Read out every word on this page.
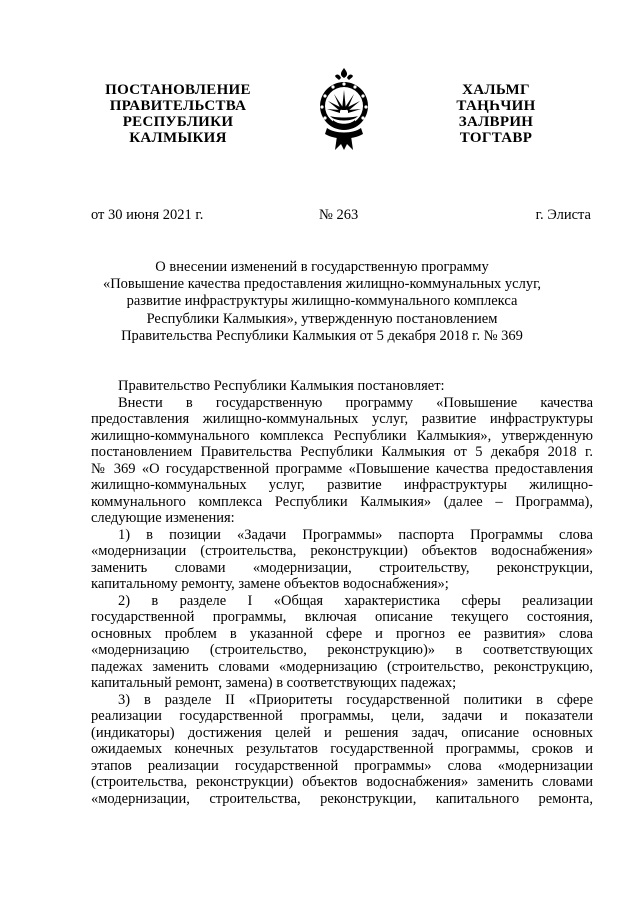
ПОСТАНОВЛЕНИЕ
ПРАВИТЕЛЬСТВА
РЕСПУБЛИКИ
КАЛМЫКИЯ
ХАЛЬМГ
ТАҢҺЧИН
ЗАЛВРИН
ТОГТАВР
от 30 июня 2021 г.	№ 263	г. Элиста
О внесении изменений в государственную программу
«Повышение качества предоставления жилищно-коммунальных услуг,
развитие инфраструктуры жилищно-коммунального комплекса
Республики Калмыкия», утвержденную постановлением
Правительства Республики Калмыкия от 5 декабря 2018 г. № 369
Правительство Республики Калмыкия постановляет:
Внести в государственную программу «Повышение качества
предоставления жилищно-коммунальных услуг, развитие инфраструктуры
жилищно-коммунального комплекса Республики Калмыкия», утвержденную
постановлением Правительства Республики Калмыкия от 5 декабря 2018 г.
№ 369 «О государственной программе «Повышение качества предоставления
жилищно-коммунальных услуг, развитие инфраструктуры жилищно-
коммунального комплекса Республики Калмыкия» (далее – Программа),
следующие изменения:
1) в позиции «Задачи Программы» паспорта Программы слова
«модернизации (строительства, реконструкции) объектов водоснабжения»
заменить словами «модернизации, строительству, реконструкции,
капитальному ремонту, замене объектов водоснабжения»;
2) в разделе I «Общая характеристика сферы реализации
государственной программы, включая описание текущего состояния,
основных проблем в указанной сфере и прогноз ее развития» слова
«модернизацию (строительство, реконструкцию)» в соответствующих
падежах заменить словами «модернизацию (строительство, реконструкцию,
капитальный ремонт, замена) в соответствующих падежах;
3) в разделе II «Приоритеты государственной политики в сфере
реализации государственной программы, цели, задачи и показатели
(индикаторы) достижения целей и решения задач, описание основных
ожидаемых конечных результатов государственной программы, сроков и
этапов реализации государственной программы» слова «модернизации
(строительства, реконструкции) объектов водоснабжения» заменить словами
«модернизации, строительства, реконструкции, капитального ремонта,
